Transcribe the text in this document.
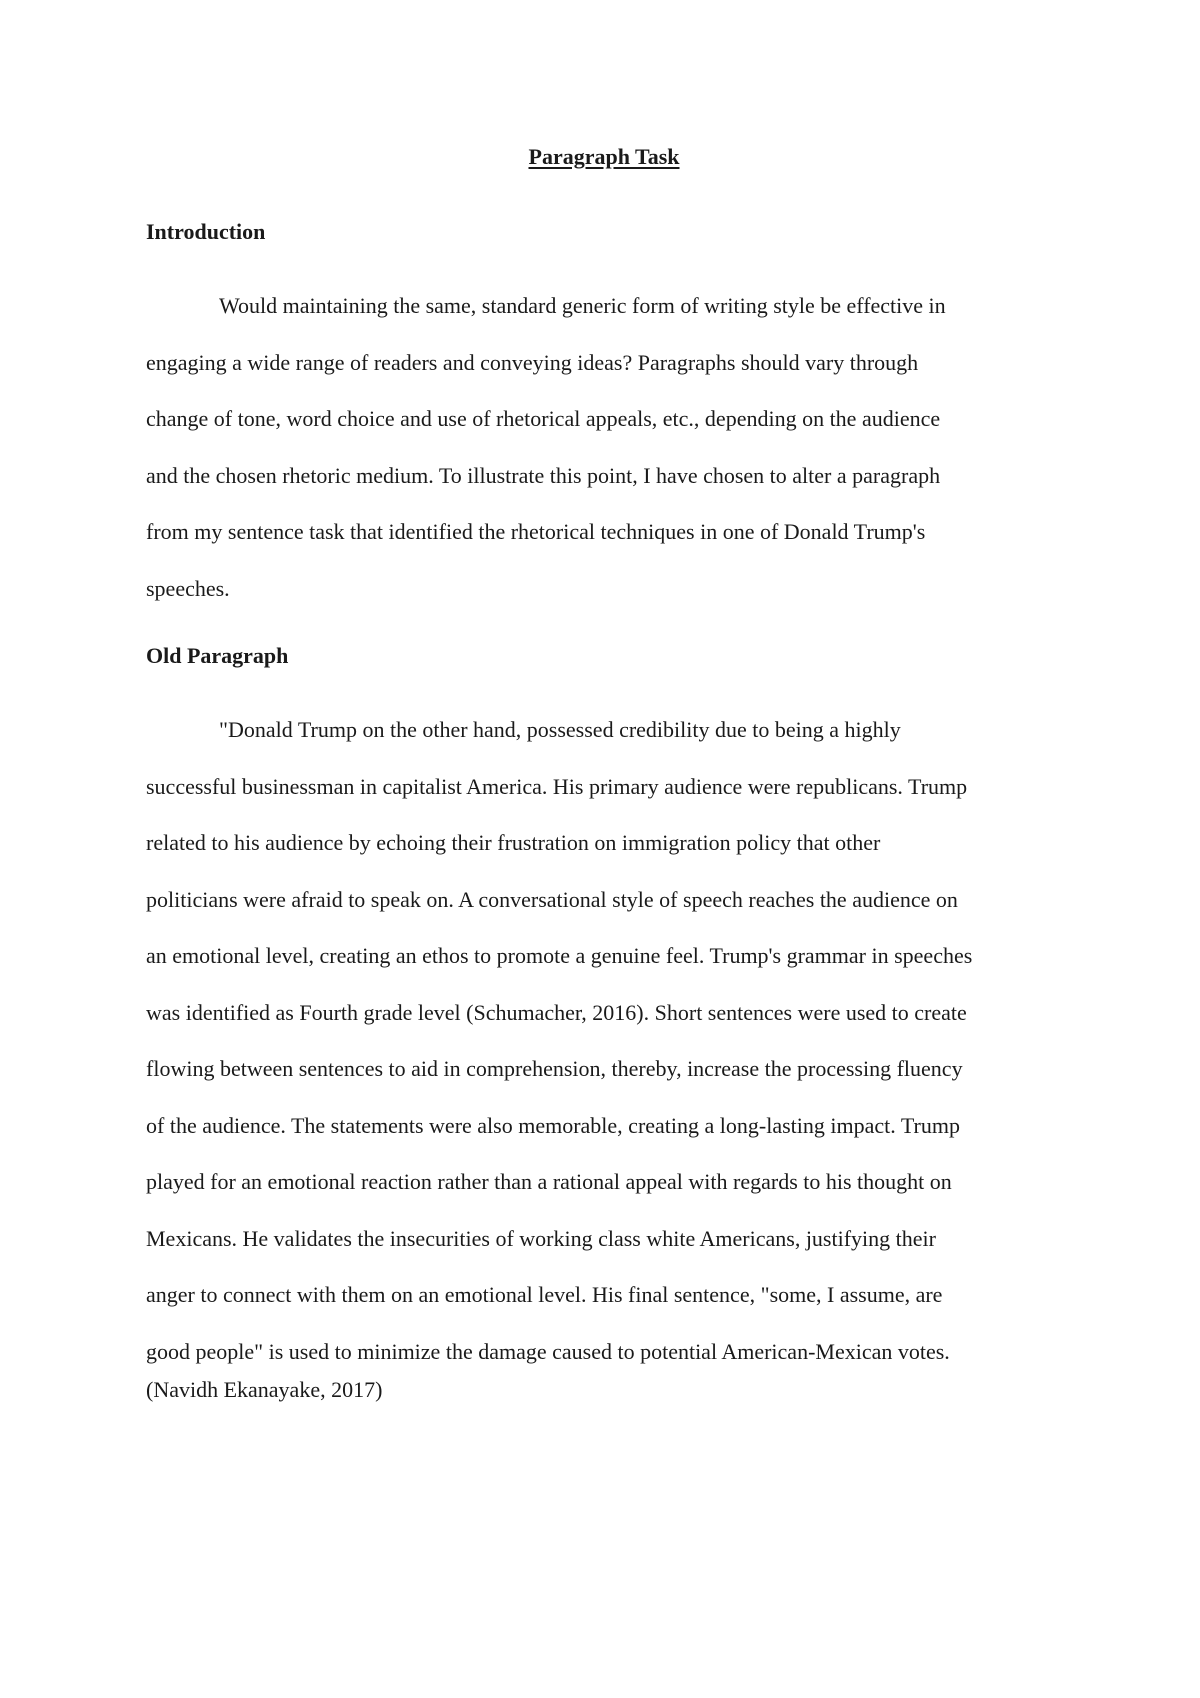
Paragraph Task
Introduction
Would maintaining the same, standard generic form of writing style be effective in
engaging a wide range of readers and conveying ideas? Paragraphs should vary through
change of tone, word choice and use of rhetorical appeals, etc., depending on the audience
and the chosen rhetoric medium. To illustrate this point, I have chosen to alter a paragraph
from my sentence task that identified the rhetorical techniques in one of Donald Trump's
speeches.
Old Paragraph
"Donald Trump on the other hand, possessed credibility due to being a highly
successful businessman in capitalist America. His primary audience were republicans. Trump
related to his audience by echoing their frustration on immigration policy that other
politicians were afraid to speak on. A conversational style of speech reaches the audience on
an emotional level, creating an ethos to promote a genuine feel. Trump's grammar in speeches
was identified as Fourth grade level (Schumacher, 2016). Short sentences were used to create
flowing between sentences to aid in comprehension, thereby, increase the processing fluency
of the audience. The statements were also memorable, creating a long-lasting impact. Trump
played for an emotional reaction rather than a rational appeal with regards to his thought on
Mexicans. He validates the insecurities of working class white Americans, justifying their
anger to connect with them on an emotional level. His final sentence, "some, I assume, are
good people" is used to minimize the damage caused to potential American-Mexican votes.
(Navidh Ekanayake, 2017)
